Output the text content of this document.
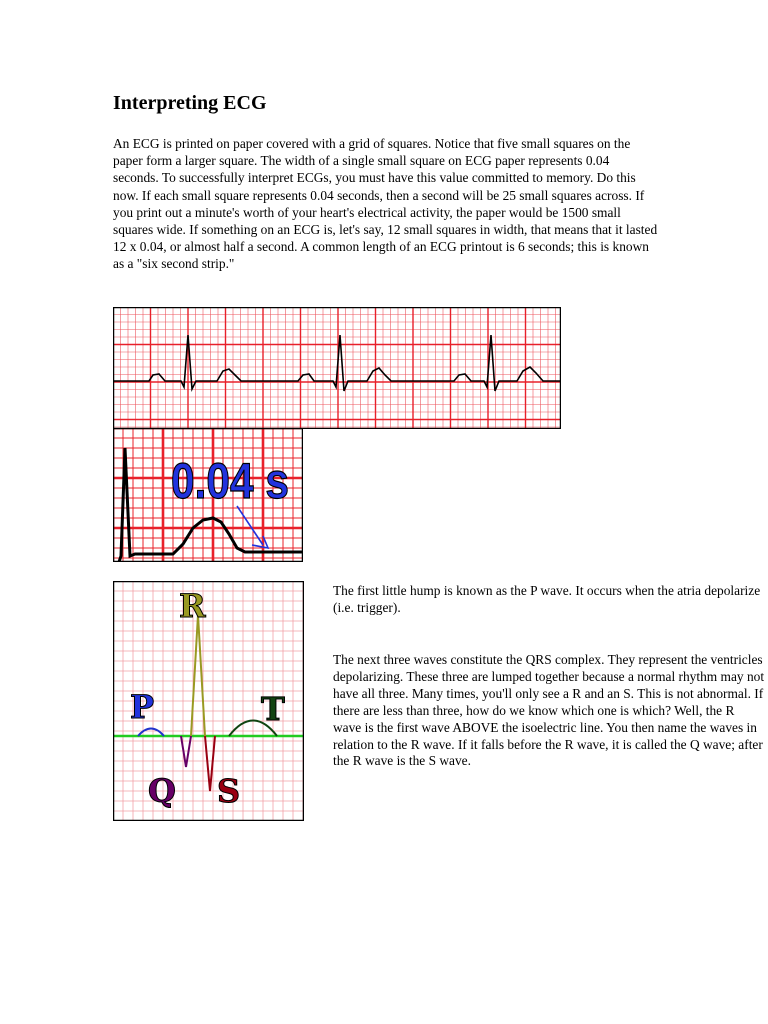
Interpreting ECG

An ECG is printed on paper covered with a grid of squares. Notice that five small squares on the paper form a larger square. The width of a single small square on ECG paper represents 0.04 seconds. To successfully interpret ECGs, you must have this value committed to memory. Do this now. If each small square represents 0.04 seconds, then a second will be 25 small squares across. If you print out a minute's worth of your heart's electrical activity, the paper would be 1500 small squares wide. If something on an ECG is, let's say, 12 small squares in width, that means that it lasted 12 x 0.04, or almost half a second. A common length of an ECG printout is 6 seconds; this is known as a "six second strip."

0.04 s
P
Q
R
S
T

The first little hump is known as the P wave. It occurs when the atria depolarize (i.e. trigger).

The next three waves constitute the QRS complex. They represent the ventricles depolarizing. These three are lumped together because a normal rhythm may not have all three. Many times, you'll only see a R and an S. This is not abnormal. If there are less than three, how do we know which one is which? Well, the R wave is the first wave ABOVE the isoelectric line. You then name the waves in relation to the R wave. If it falls before the R wave, it is called the Q wave; after the R wave is the S wave.
